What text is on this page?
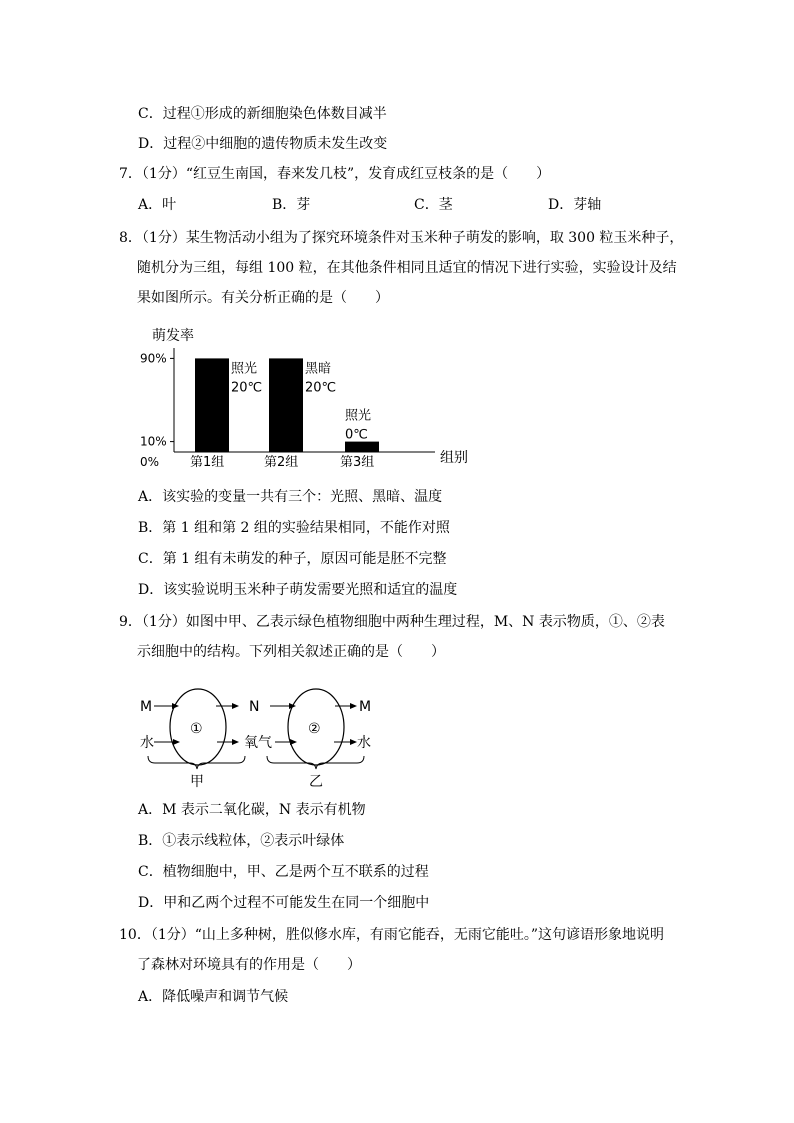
C．过程①形成的新细胞染色体数目减半
D．过程②中细胞的遗传物质未发生改变
7．（1分）“红豆生南国，春来发几枝”，发育成红豆枝条的是（　　）
A．叶	B．芽	C．茎	D．芽轴
8．（1分）某生物活动小组为了探究环境条件对玉米种子萌发的影响，取 300 粒玉米种子，
随机分为三组，每组 100 粒，在其他条件相同且适宜的情况下进行实验，实验设计及结
果如图所示。有关分析正确的是（　　）
萌发率
0%
10%
90%
照光
20℃
黑暗
20℃
照光
0℃
第1组	第2组	第3组	组别
A．该实验的变量一共有三个：光照、黑暗、温度
B．第 1 组和第 2 组的实验结果相同，不能作对照
C．第 1 组有未萌发的种子，原因可能是胚不完整
D．该实验说明玉米种子萌发需要光照和适宜的温度
9．（1分）如图中甲、乙表示绿色植物细胞中两种生理过程，M、N 表示物质，①、②表
示细胞中的结构。下列相关叙述正确的是（　　）
①
M
水
N
氧气
②
M
水
甲	乙
A．M 表示二氧化碳，N 表示有机物
B．①表示线粒体，②表示叶绿体
C．植物细胞中，甲、乙是两个互不联系的过程
D．甲和乙两个过程不可能发生在同一个细胞中
10．（1分）“山上多种树，胜似修水库，有雨它能吞，无雨它能吐。”这句谚语形象地说明
了森林对环境具有的作用是（　　）
A．降低噪声和调节气候
